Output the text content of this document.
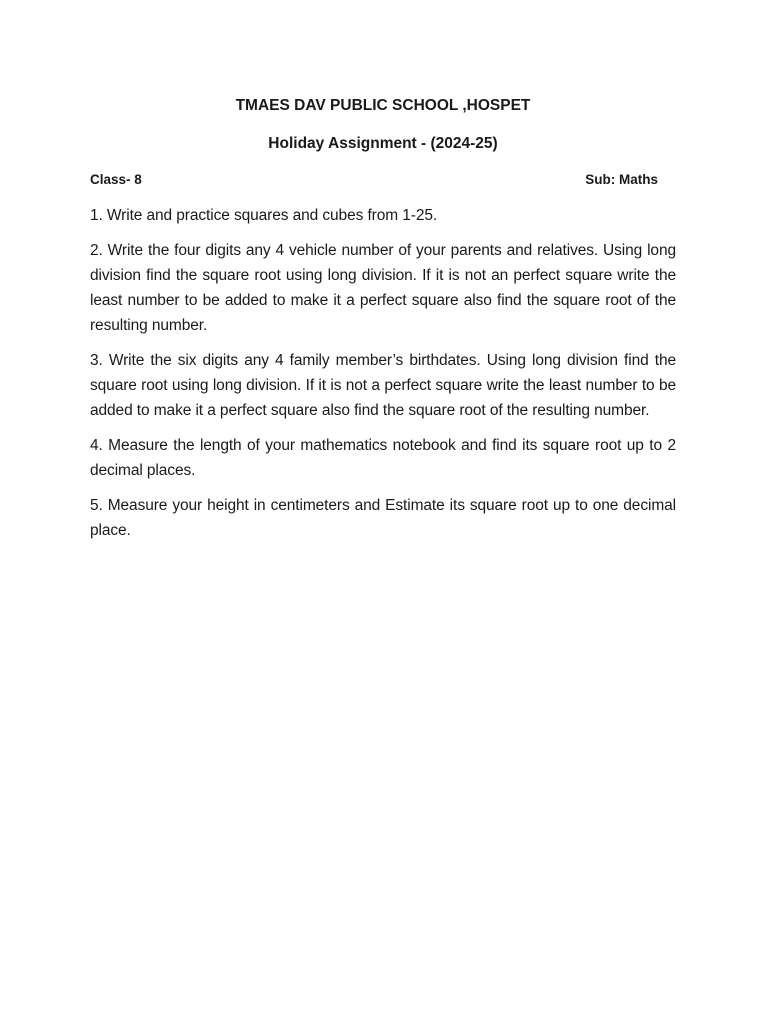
TMAES DAV PUBLIC SCHOOL ,HOSPET

Holiday Assignment - (2024-25)

Class- 8	Sub: Maths

1. Write and practice squares and cubes from 1-25.

2. Write the four digits any 4 vehicle number of your parents and relatives. Using long division find the square root using long division. If it is not an perfect square write the least number to be added to make it a perfect square also find the square root of the resulting number.

3. Write the six digits any 4 family member’s birthdates. Using long division find the square root using long division. If it is not a perfect square write the least number to be added to make it a perfect square also find the square root of the resulting number.

4. Measure the length of your mathematics notebook and find its square root up to 2 decimal places.

5. Measure your height in centimeters and Estimate its square root up to one decimal place.
